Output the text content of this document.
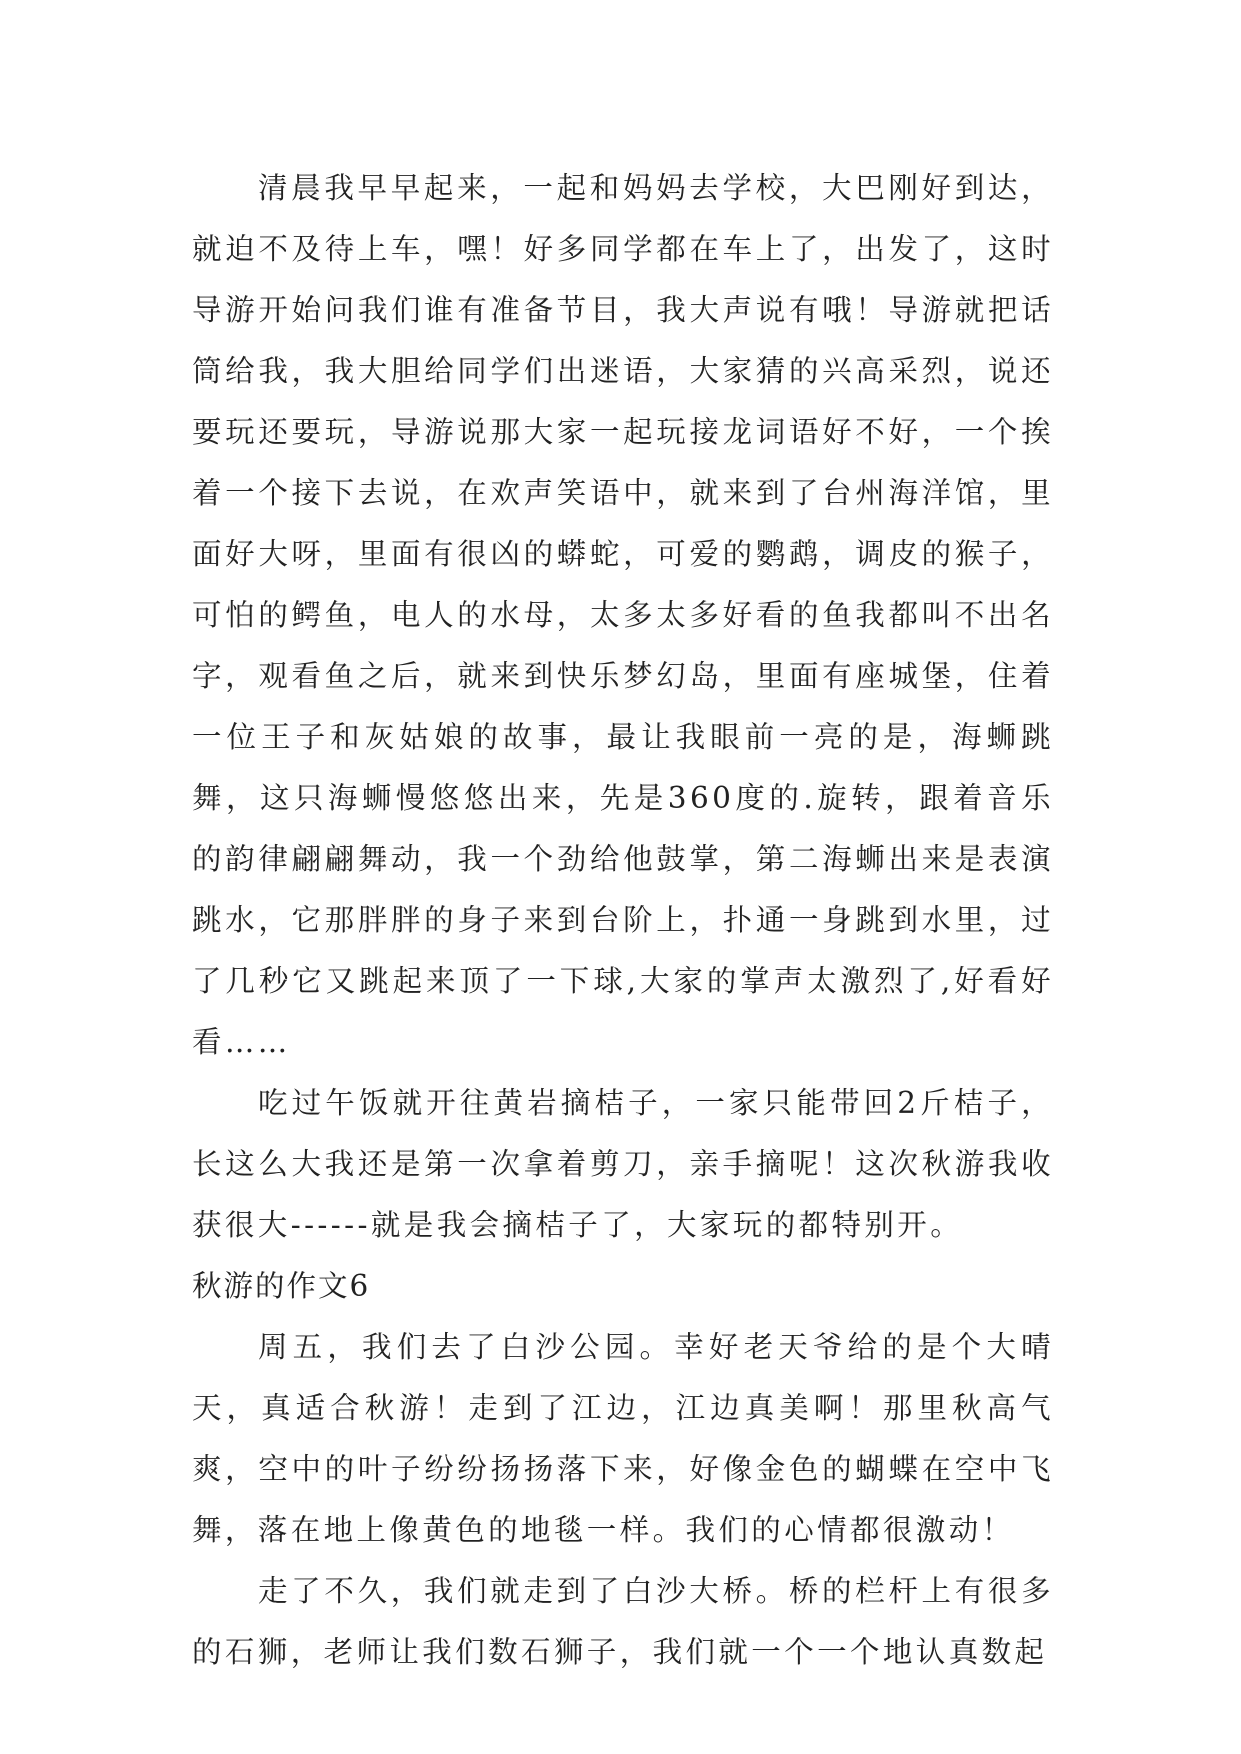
清晨我早早起来，一起和妈妈去学校，大巴刚好到达，就迫不及待上车，嘿！好多同学都在车上了，出发了，这时导游开始问我们谁有准备节目，我大声说有哦！导游就把话筒给我，我大胆给同学们出迷语，大家猜的兴高采烈，说还要玩还要玩，导游说那大家一起玩接龙词语好不好，一个挨着一个接下去说，在欢声笑语中，就来到了台州海洋馆，里面好大呀，里面有很凶的蟒蛇，可爱的鹦鹉，调皮的猴子，可怕的鳄鱼，电人的水母，太多太多好看的鱼我都叫不出名字，观看鱼之后，就来到快乐梦幻岛，里面有座城堡，住着一位王子和灰姑娘的故事，最让我眼前一亮的是，海蛳跳舞，这只海蛳慢悠悠出来，先是360度的.旋转，跟着音乐的韵律翩翩舞动，我一个劲给他鼓掌，第二海蛳出来是表演跳水，它那胖胖的身子来到台阶上，扑通一身跳到水里，过了几秒它又跳起来顶了一下球,大家的掌声太激烈了,好看好看……

吃过午饭就开往黄岩摘桔子，一家只能带回2斤桔子，长这么大我还是第一次拿着剪刀，亲手摘呢！这次秋游我收获很大------就是我会摘桔子了，大家玩的都特别开。

秋游的作文6

周五，我们去了白沙公园。幸好老天爷给的是个大晴天，真适合秋游！走到了江边，江边真美啊！那里秋高气爽，空中的叶子纷纷扬扬落下来，好像金色的蝴蝶在空中飞舞，落在地上像黄色的地毯一样。我们的心情都很激动！

走了不久，我们就走到了白沙大桥。桥的栏杆上有很多的石狮，老师让我们数石狮子，我们就一个一个地认真数起
